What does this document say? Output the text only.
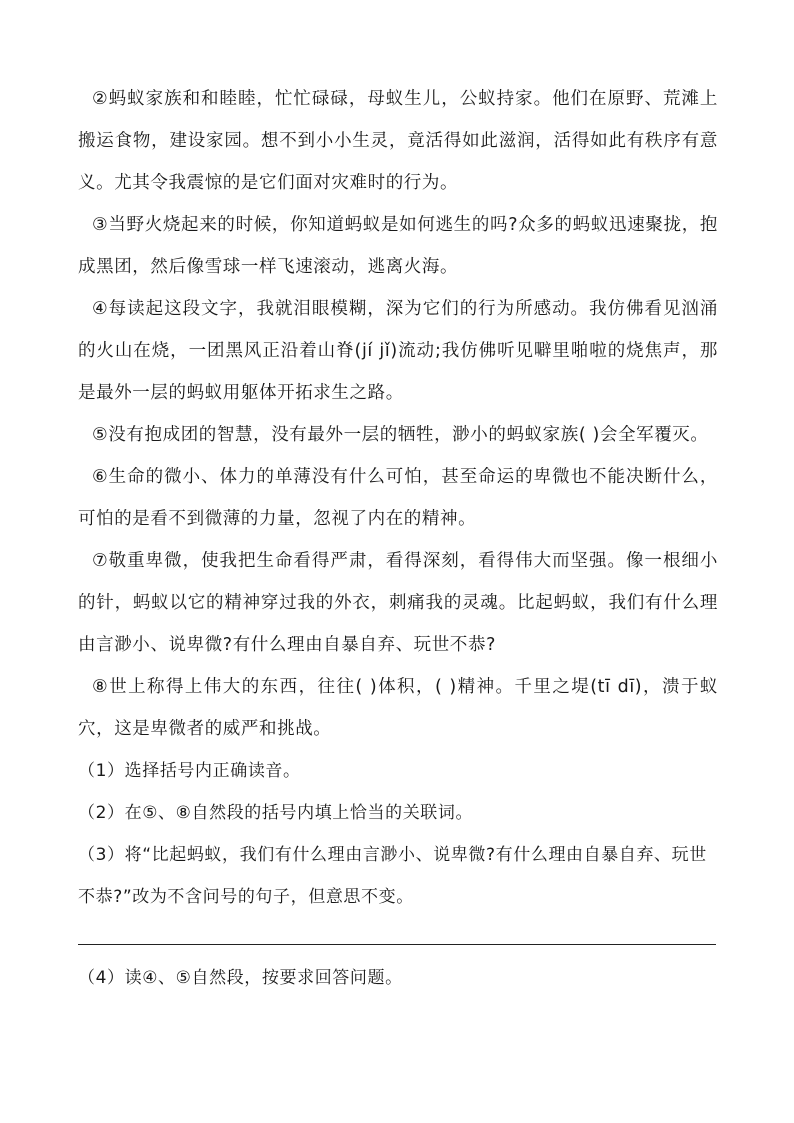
②蚂蚁家族和和睦睦，忙忙碌碌，母蚁生儿，公蚁持家。他们在原野、荒滩上搬运食物，建设家园。想不到小小生灵，竟活得如此滋润，活得如此有秩序有意义。尤其令我震惊的是它们面对灾难时的行为。

③当野火烧起来的时候，你知道蚂蚁是如何逃生的吗?众多的蚂蚁迅速聚拢，抱成黑团，然后像雪球一样飞速滚动，逃离火海。

④每读起这段文字，我就泪眼模糊，深为它们的行为所感动。我仿佛看见汹涌的火山在烧，一团黑风正沿着山脊(jí jǐ)流动;我仿佛听见噼里啪啦的烧焦声，那是最外一层的蚂蚁用躯体开拓求生之路。

⑤没有抱成团的智慧，没有最外一层的牺牲，渺小的蚂蚁家族( )会全军覆灭。

⑥生命的微小、体力的单薄没有什么可怕，甚至命运的卑微也不能决断什么，可怕的是看不到微薄的力量，忽视了内在的精神。

⑦敬重卑微，使我把生命看得严肃，看得深刻，看得伟大而坚强。像一根细小的针，蚂蚁以它的精神穿过我的外衣，刺痛我的灵魂。比起蚂蚁，我们有什么理由言渺小、说卑微?有什么理由自暴自弃、玩世不恭?

⑧世上称得上伟大的东西，往往( )体积，( )精神。千里之堤(tī dī)，溃于蚁穴，这是卑微者的威严和挑战。

（1）选择括号内正确读音。

（2）在⑤、⑧自然段的括号内填上恰当的关联词。

（3）将“比起蚂蚁，我们有什么理由言渺小、说卑微?有什么理由自暴自弃、玩世不恭?”改为不含问号的句子，但意思不变。

（4）读④、⑤自然段，按要求回答问题。
